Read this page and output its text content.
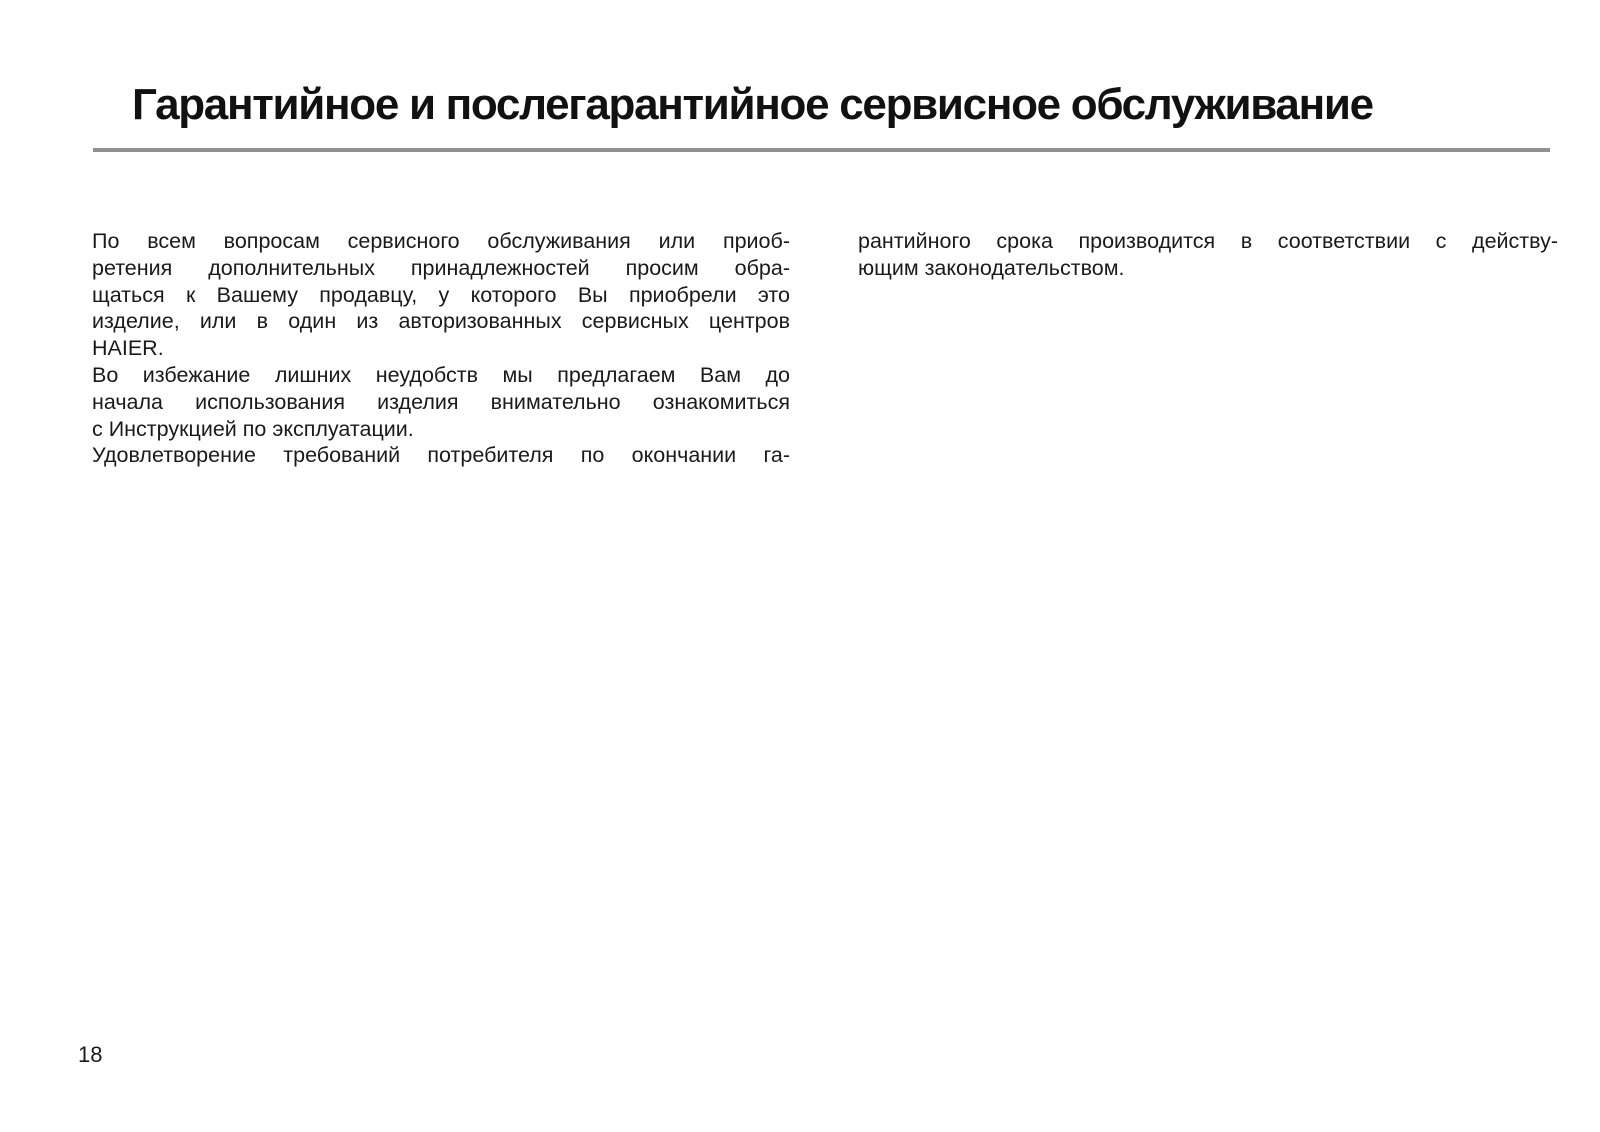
Гарантийное и послегарантийное сервисное обслуживание
По всем вопросам сервисного обслуживания или приоб-
ретения дополнительных принадлежностей просим обра-
щаться к Вашему продавцу, у которого Вы приобрели это
изделие, или в один из авторизованных сервисных центров
HAIER.
Во избежание лишних неудобств мы предлагаем Вам до
начала использования изделия внимательно ознакомиться
с Инструкцией по эксплуатации.
Удовлетворение требований потребителя по окончании га-
рантийного срока производится в соответствии с действу-
ющим законодательством.
18
